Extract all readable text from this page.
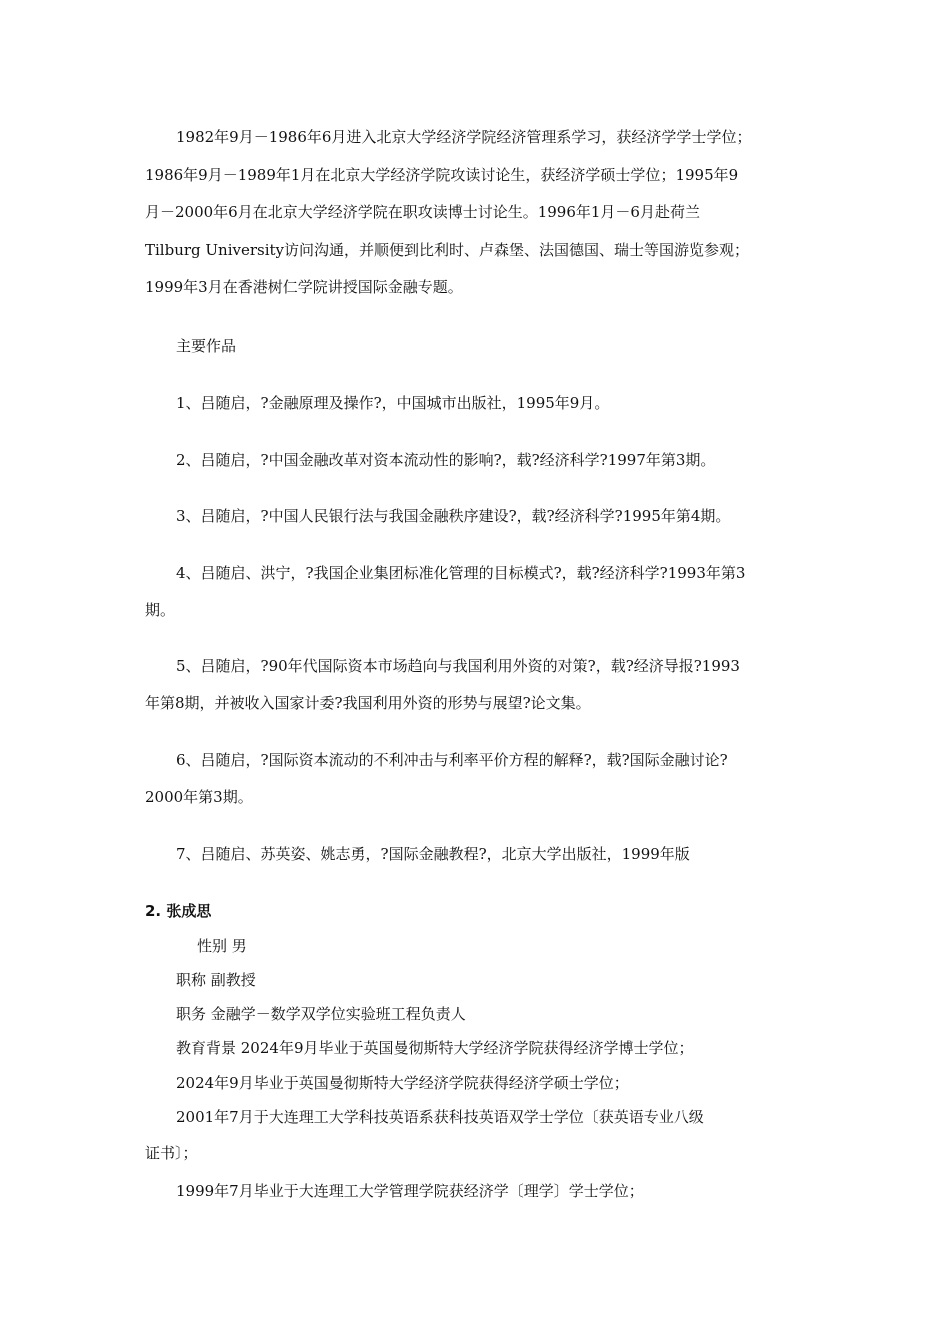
1982年9月－1986年6月进入北京大学经济学院经济管理系学习，获经济学学士学位；
1986年9月－1989年1月在北京大学经济学院攻读讨论生，获经济学硕士学位；1995年9
月－2000年6月在北京大学经济学院在职攻读博士讨论生。1996年1月－6月赴荷兰
Tilburg University访问沟通，并顺便到比利时、卢森堡、法国德国、瑞士等国游览参观；
1999年3月在香港树仁学院讲授国际金融专题。
主要作品
1、吕随启，?金融原理及操作?，中国城市出版社，1995年9月。
2、吕随启，?中国金融改革对资本流动性的影响?，载?经济科学?1997年第3期。
3、吕随启，?中国人民银行法与我国金融秩序建设?，载?经济科学?1995年第4期。
4、吕随启、洪宁，?我国企业集团标准化管理的目标模式?，载?经济科学?1993年第3
期。
5、吕随启，?90年代国际资本市场趋向与我国利用外资的对策?，载?经济导报?1993
年第8期，并被收入国家计委?我国利用外资的形势与展望?论文集。
6、吕随启，?国际资本流动的不利冲击与利率平价方程的解释?，载?国际金融讨论?
2000年第3期。
7、吕随启、苏英姿、姚志勇，?国际金融教程?，北京大学出版社，1999年版
2. 张成思
性别 男
职称 副教授
职务 金融学－数学双学位实验班工程负责人
教育背景 2024年9月毕业于英国曼彻斯特大学经济学院获得经济学博士学位；
2024年9月毕业于英国曼彻斯特大学经济学院获得经济学硕士学位；
2001年7月于大连理工大学科技英语系获科技英语双学士学位〔获英语专业八级
证书〕；
1999年7月毕业于大连理工大学管理学院获经济学〔理学〕学士学位；
